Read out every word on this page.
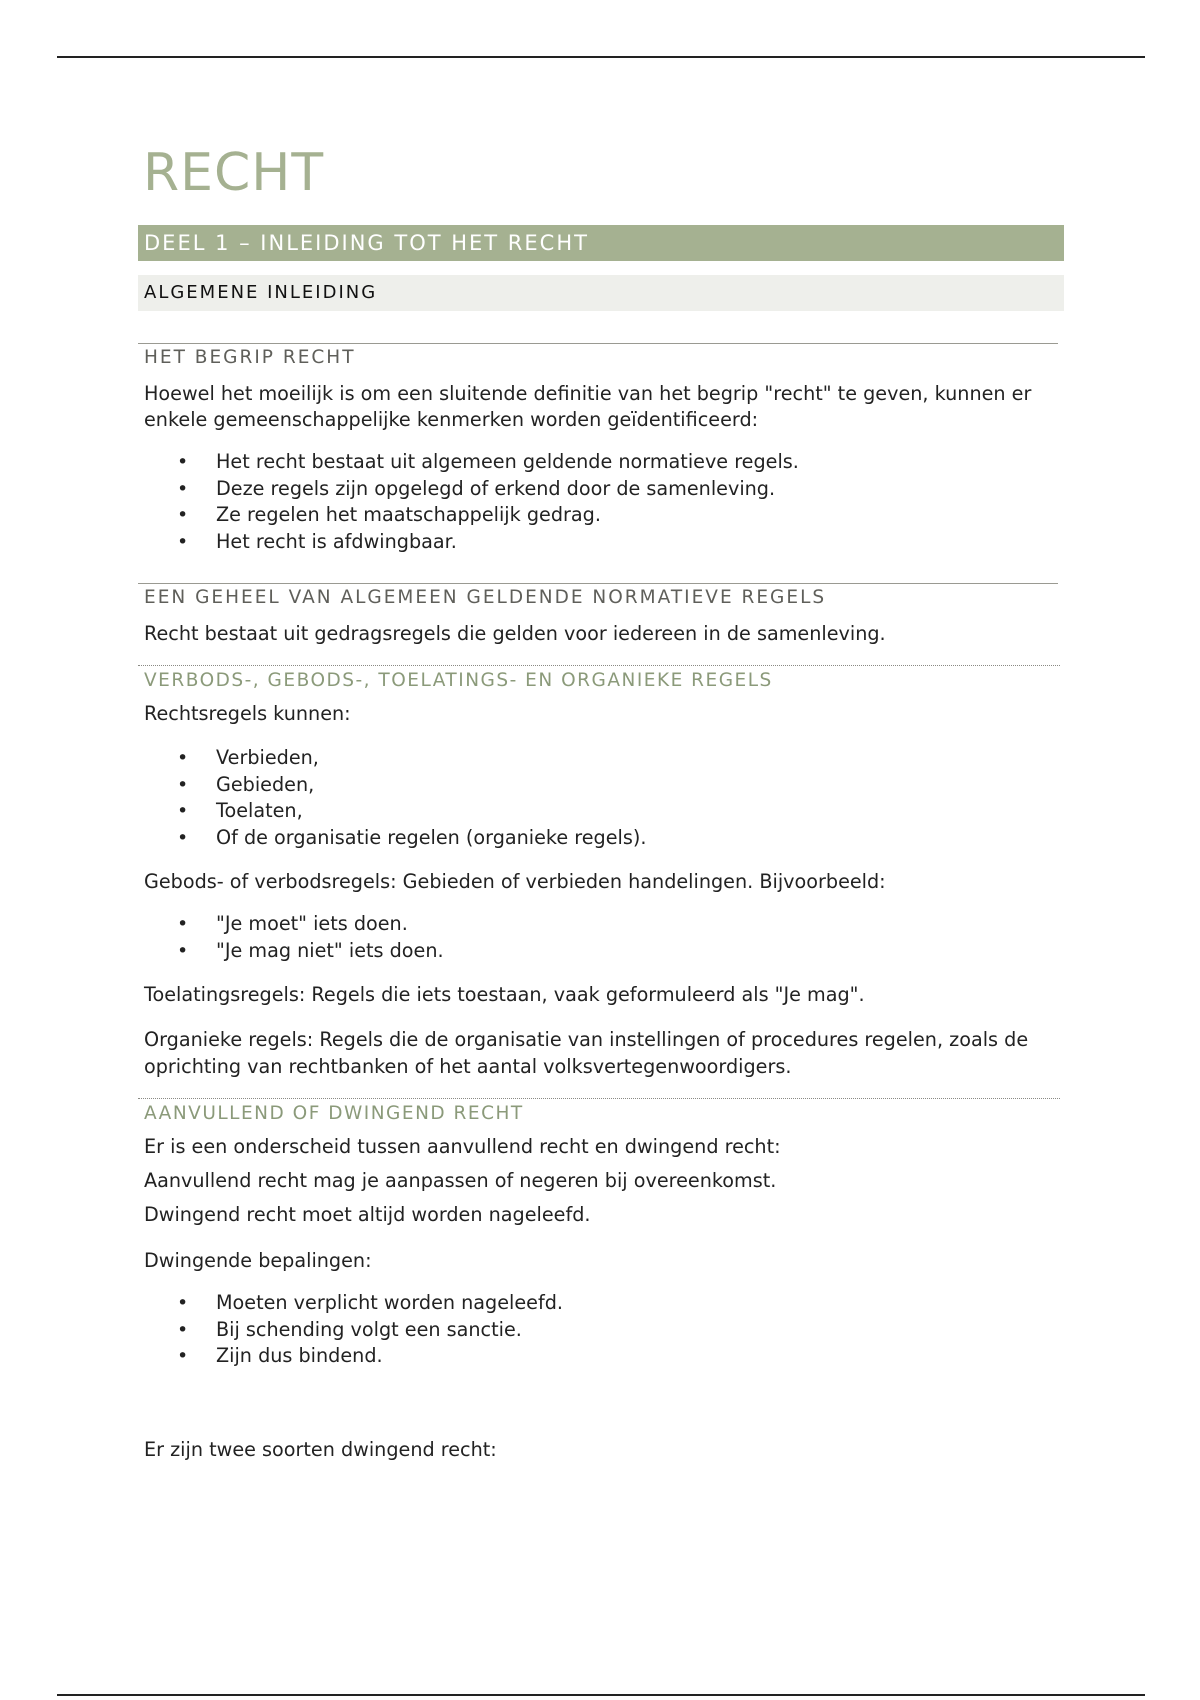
RECHT
DEEL 1 – INLEIDING TOT HET RECHT
ALGEMENE INLEIDING
HET BEGRIP RECHT

Hoewel het moeilijk is om een sluitende definitie van het begrip "recht" te geven, kunnen er enkele gemeenschappelijke kenmerken worden geïdentificeerd:

• Het recht bestaat uit algemeen geldende normatieve regels.
• Deze regels zijn opgelegd of erkend door de samenleving.
• Ze regelen het maatschappelijk gedrag.
• Het recht is afdwingbaar.
EEN GEHEEL VAN ALGEMEEN GELDENDE NORMATIEVE REGELS

Recht bestaat uit gedragsregels die gelden voor iedereen in de samenleving.

VERBODS-, GEBODS-, TOELATINGS- EN ORGANIEKE REGELS

Rechtsregels kunnen:

• Verbieden,
• Gebieden,
• Toelaten,
• Of de organisatie regelen (organieke regels).

Gebods- of verbodsregels: Gebieden of verbieden handelingen. Bijvoorbeeld:

• "Je moet" iets doen.
• "Je mag niet" iets doen.

Toelatingsregels: Regels die iets toestaan, vaak geformuleerd als "Je mag".

Organieke regels: Regels die de organisatie van instellingen of procedures regelen, zoals de oprichting van rechtbanken of het aantal volksvertegenwoordigers.

AANVULLEND OF DWINGEND RECHT

Er is een onderscheid tussen aanvullend recht en dwingend recht:

Aanvullend recht mag je aanpassen of negeren bij overeenkomst.

Dwingend recht moet altijd worden nageleefd.

Dwingende bepalingen:

• Moeten verplicht worden nageleefd.
• Bij schending volgt een sanctie.
• Zijn dus bindend.

Er zijn twee soorten dwingend recht:
